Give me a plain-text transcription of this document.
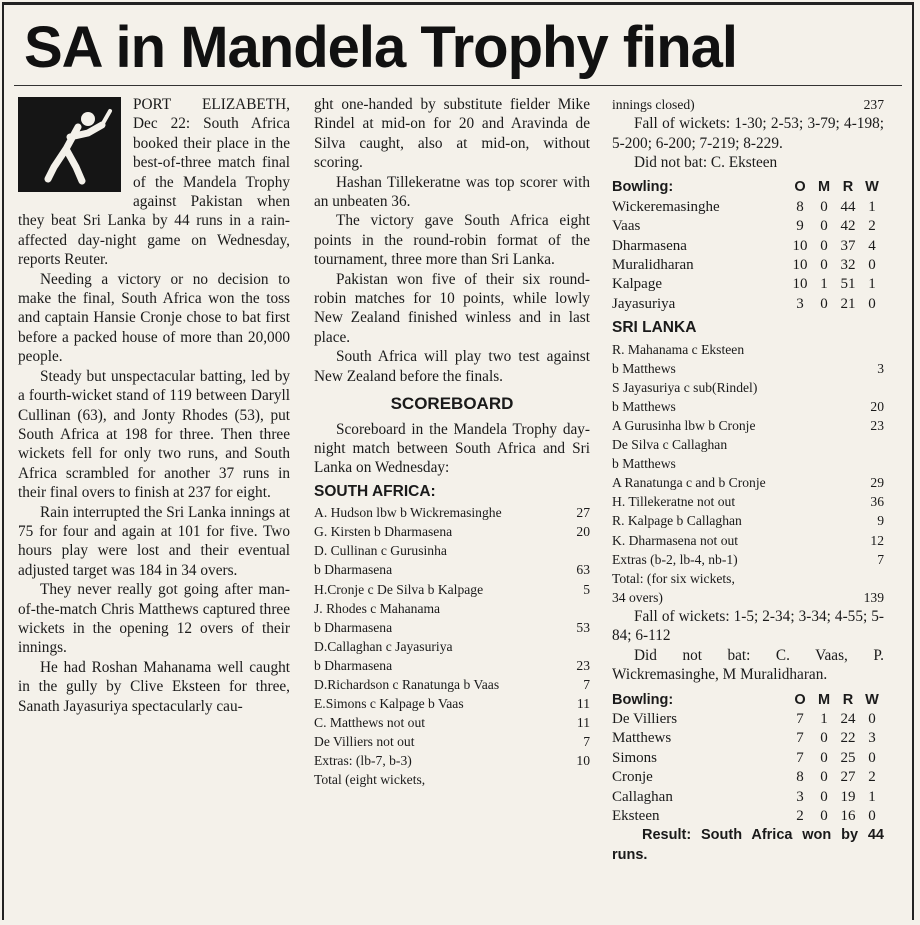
SA in Mandela Trophy final

PORT ELIZABETH, Dec 22: South Africa booked their place in the best-of-three match final of the Mandela Trophy against Pakistan when they beat Sri Lanka by 44 runs in a rain-affected day-night game on Wednesday, reports Reuter.

Needing a victory or no decision to make the final, South Africa won the toss and captain Hansie Cronje chose to bat first before a packed house of more than 20,000 people.

Steady but unspectacular batting, led by a fourth-wicket stand of 119 between Daryll Cullinan (63), and Jonty Rhodes (53), put South Africa at 198 for three. Then three wickets fell for only two runs, and South Africa scrambled for another 37 runs in their final overs to finish at 237 for eight.

Rain interrupted the Sri Lanka innings at 75 for four and again at 101 for five. Two hours play were lost and their eventual adjusted target was 184 in 34 overs.

They never really got going after man-of-the-match Chris Matthews captured three wickets in the opening 12 overs of their innings.

He had Roshan Mahanama well caught in the gully by Clive Eksteen for three, Sanath Jayasuriya spectacularly cau-

ght one-handed by substitute fielder Mike Rindel at mid-on for 20 and Aravinda de Silva caught, also at mid-on, without scoring.

Hashan Tillekeratne was top scorer with an unbeaten 36.

The victory gave South Africa eight points in the round-robin format of the tournament, three more than Sri Lanka.

Pakistan won five of their six round-robin matches for 10 points, while lowly New Zealand finished winless and in last place.

South Africa will play two test against New Zealand before the finals.

SCOREBOARD

Scoreboard in the Mandela Trophy day-night match between South Africa and Sri Lanka on Wednesday:

SOUTH AFRICA:
A. Hudson lbw b Wickremasinghe	27
G. Kirsten b Dharmasena	20
D. Cullinan c Gurusinha
b Dharmasena	63
H.Cronje c De Silva b Kalpage	5
J. Rhodes c Mahanama
b Dharmasena	53
D.Callaghan c Jayasuriya
b Dharmasena	23
D.Richardson c Ranatunga b Vaas	7
E.Simons c Kalpage b Vaas	11
C. Matthews not out	11
De Villiers not out	7
Extras: (lb-7, b-3)	10
Total (eight wickets,
innings closed)	237

Fall of wickets: 1-30; 2-53; 3-79; 4-198; 5-200; 6-200; 7-219; 8-229.

Did not bat: C. Eksteen

Bowling:	O	M	R	W
Wickeremasinghe	8	0	44	1
Vaas	9	0	42	2
Dharmasena	10	0	37	4
Muralidharan	10	0	32	0
Kalpage	10	1	51	1
Jayasuriya	3	0	21	0
SRI LANKA
R. Mahanama c Eksteen
b Matthews	3
S Jayasuriya c sub(Rindel)
b Matthews	20
A Gurusinha lbw b Cronje	23
De Silva c Callaghan
b Matthews
A Ranatunga c and b Cronje	29
H. Tillekeratne not out	36
R. Kalpage b Callaghan	9
K. Dharmasena not out	12
Extras (b-2, lb-4, nb-1)	7
Total: (for six wickets,
34 overs)	139

Fall of wickets: 1-5; 2-34; 3-34; 4-55; 5-84; 6-112

Did not bat: C. Vaas, P. Wickremasinghe, M Muralidharan.

Bowling:	O	M	R	W
De Villiers	7	1	24	0
Matthews	7	0	22	3
Simons	7	0	25	0
Cronje	8	0	27	2
Callaghan	3	0	19	1
Eksteen	2	0	16	0

Result: South Africa won by 44 runs.
